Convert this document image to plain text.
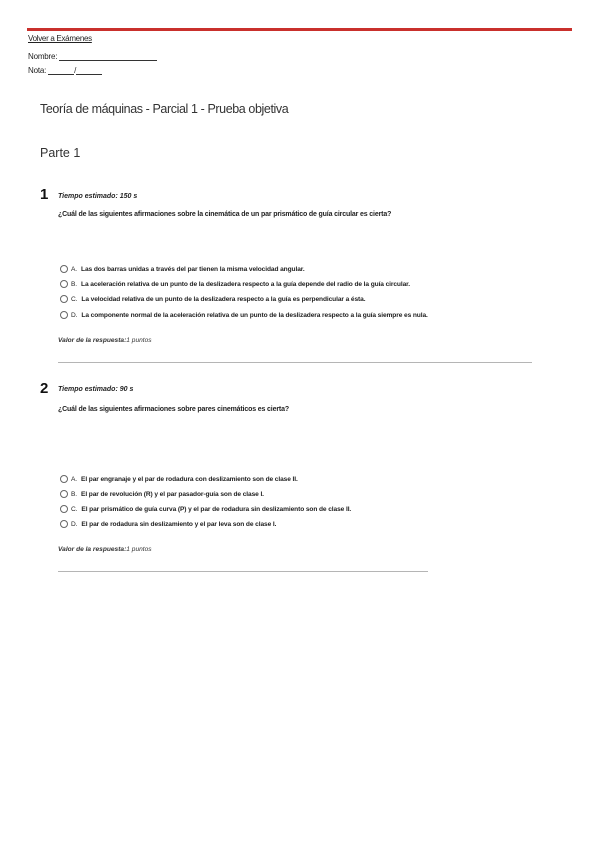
Volver a Exámenes
Nombre:
Nota:	/
Teoría de máquinas - Parcial 1 - Prueba objetiva
Parte 1
1 Tiempo estimado: 150 s
¿Cuál de las siguientes afirmaciones sobre la cinemática de un par prismático de guía circular es cierta?
A. Las dos barras unidas a través del par tienen la misma velocidad angular.
B. La aceleración relativa de un punto de la deslizadera respecto a la guía depende del radio de la guía circular.
C. La velocidad relativa de un punto de la deslizadera respecto a la guía es perpendicular a ésta.
D. La componente normal de la aceleración relativa de un punto de la deslizadera respecto a la guía siempre es nula.
Valor de la respuesta:1 puntos
2 Tiempo estimado: 90 s
¿Cuál de las siguientes afirmaciones sobre pares cinemáticos es cierta?
A. El par engranaje y el par de rodadura con deslizamiento son de clase II.
B. El par de revolución (R) y el par pasador-guía son de clase I.
C. El par prismático de guía curva (P) y el par de rodadura sin deslizamiento son de clase II.
D. El par de rodadura sin deslizamiento y el par leva son de clase I.
Valor de la respuesta:1 puntos
